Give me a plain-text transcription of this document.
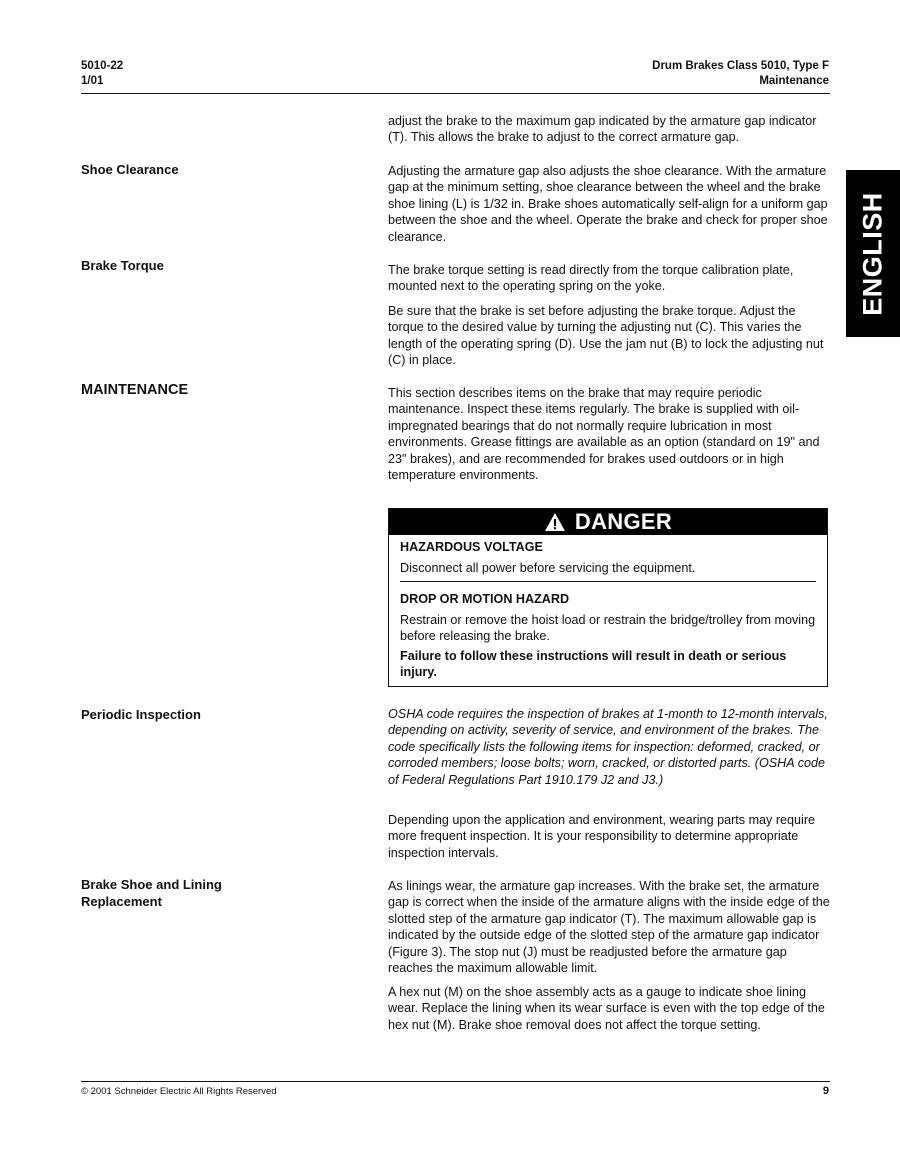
5010-22
1/01
Drum Brakes Class 5010, Type F
Maintenance
ENGLISH

adjust the brake to the maximum gap indicated by the armature gap indicator (T). This allows the brake to adjust to the correct armature gap.

Shoe Clearance	Adjusting the armature gap also adjusts the shoe clearance. With the armature gap at the minimum setting, shoe clearance between the wheel and the brake shoe lining (L) is 1/32 in. Brake shoes automatically self-align for a uniform gap between the shoe and the wheel. Operate the brake and check for proper shoe clearance.

Brake Torque	The brake torque setting is read directly from the torque calibration plate, mounted next to the operating spring on the yoke.

Be sure that the brake is set before adjusting the brake torque. Adjust the torque to the desired value by turning the adjusting nut (C). This varies the length of the operating spring (D). Use the jam nut (B) to lock the adjusting nut (C) in place.

MAINTENANCE	This section describes items on the brake that may require periodic maintenance. Inspect these items regularly. The brake is supplied with oil-impregnated bearings that do not normally require lubrication in most environments. Grease fittings are available as an option (standard on 19" and 23" brakes), and are recommended for brakes used outdoors or in high temperature environments.

DANGER
HAZARDOUS VOLTAGE
Disconnect all power before servicing the equipment.
DROP OR MOTION HAZARD
Restrain or remove the hoist load or restrain the bridge/trolley from moving before releasing the brake.
Failure to follow these instructions will result in death or serious injury.
Periodic Inspection	OSHA code requires the inspection of brakes at 1-month to 12-month intervals, depending on activity, severity of service, and environment of the brakes. The code specifically lists the following items for inspection: deformed, cracked, or corroded members; loose bolts; worn, cracked, or distorted parts. (OSHA code of Federal Regulations Part 1910.179 J2 and J3.)

Depending upon the application and environment, wearing parts may require more frequent inspection. It is your responsibility to determine appropriate inspection intervals.

Brake Shoe and Lining
Replacement

As linings wear, the armature gap increases. With the brake set, the armature gap is correct when the inside of the armature aligns with the inside edge of the slotted step of the armature gap indicator (T). The maximum allowable gap is indicated by the outside edge of the slotted step of the armature gap indicator (Figure 3). The stop nut (J) must be readjusted before the armature gap reaches the maximum allowable limit.

A hex nut (M) on the shoe assembly acts as a gauge to indicate shoe lining wear. Replace the lining when its wear surface is even with the top edge of the hex nut (M). Brake shoe removal does not affect the torque setting.

© 2001 Schneider Electric All Rights Reserved	9
